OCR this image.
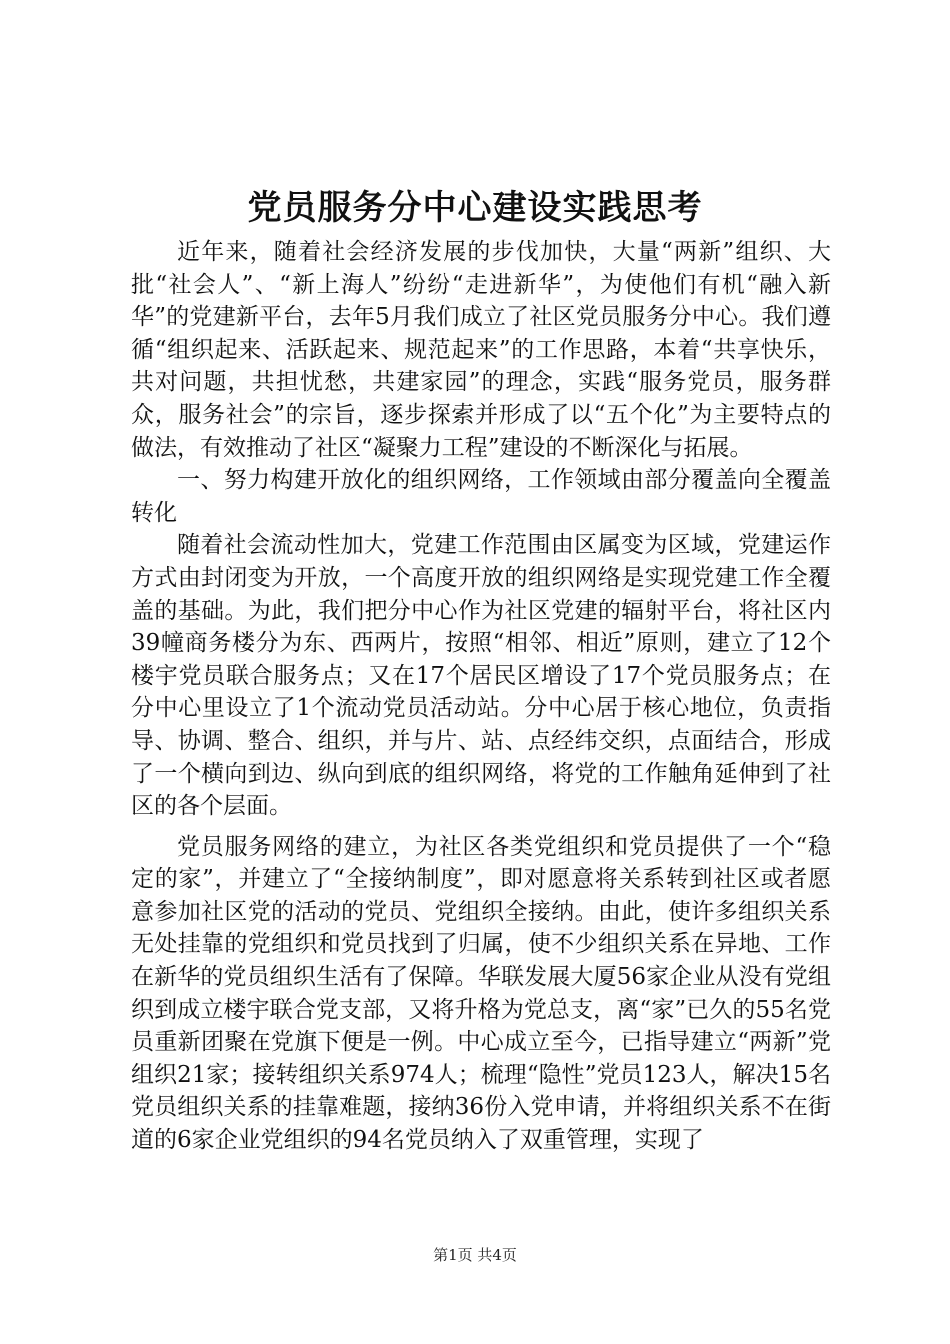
党员服务分中心建设实践思考

近年来，随着社会经济发展的步伐加快，大量“两新”组织、大批“社会人”、“新上海人”纷纷“走进新华”，为使他们有机“融入新华”的党建新平台，去年5月我们成立了社区党员服务分中心。我们遵循“组织起来、活跃起来、规范起来”的工作思路，本着“共享快乐，共对问题，共担忧愁，共建家园”的理念，实践“服务党员，服务群众，服务社会”的宗旨，逐步探索并形成了以“五个化”为主要特点的做法，有效推动了社区“凝聚力工程”建设的不断深化与拓展。

一、努力构建开放化的组织网络，工作领域由部分覆盖向全覆盖转化

随着社会流动性加大，党建工作范围由区属变为区域，党建运作方式由封闭变为开放，一个高度开放的组织网络是实现党建工作全覆盖的基础。为此，我们把分中心作为社区党建的辐射平台，将社区内39幢商务楼分为东、西两片，按照“相邻、相近”原则，建立了12个楼宇党员联合服务点；又在17个居民区增设了17个党员服务点；在分中心里设立了1个流动党员活动站。分中心居于核心地位，负责指导、协调、整合、组织，并与片、站、点经纬交织，点面结合，形成了一个横向到边、纵向到底的组织网络，将党的工作触角延伸到了社区的各个层面。

党员服务网络的建立，为社区各类党组织和党员提供了一个“稳定的家”，并建立了“全接纳制度”，即对愿意将关系转到社区或者愿意参加社区党的活动的党员、党组织全接纳。由此，使许多组织关系无处挂靠的党组织和党员找到了归属，使不少组织关系在异地、工作在新华的党员组织生活有了保障。华联发展大厦56家企业从没有党组织到成立楼宇联合党支部，又将升格为党总支，离“家”已久的55名党员重新团聚在党旗下便是一例。中心成立至今，已指导建立“两新”党组织21家；接转组织关系974人；梳理“隐性”党员123人，解决15名党员组织关系的挂靠难题，接纳36份入党申请，并将组织关系不在街道的6家企业党组织的94名党员纳入了双重管理，实现了

第1页 共4页
